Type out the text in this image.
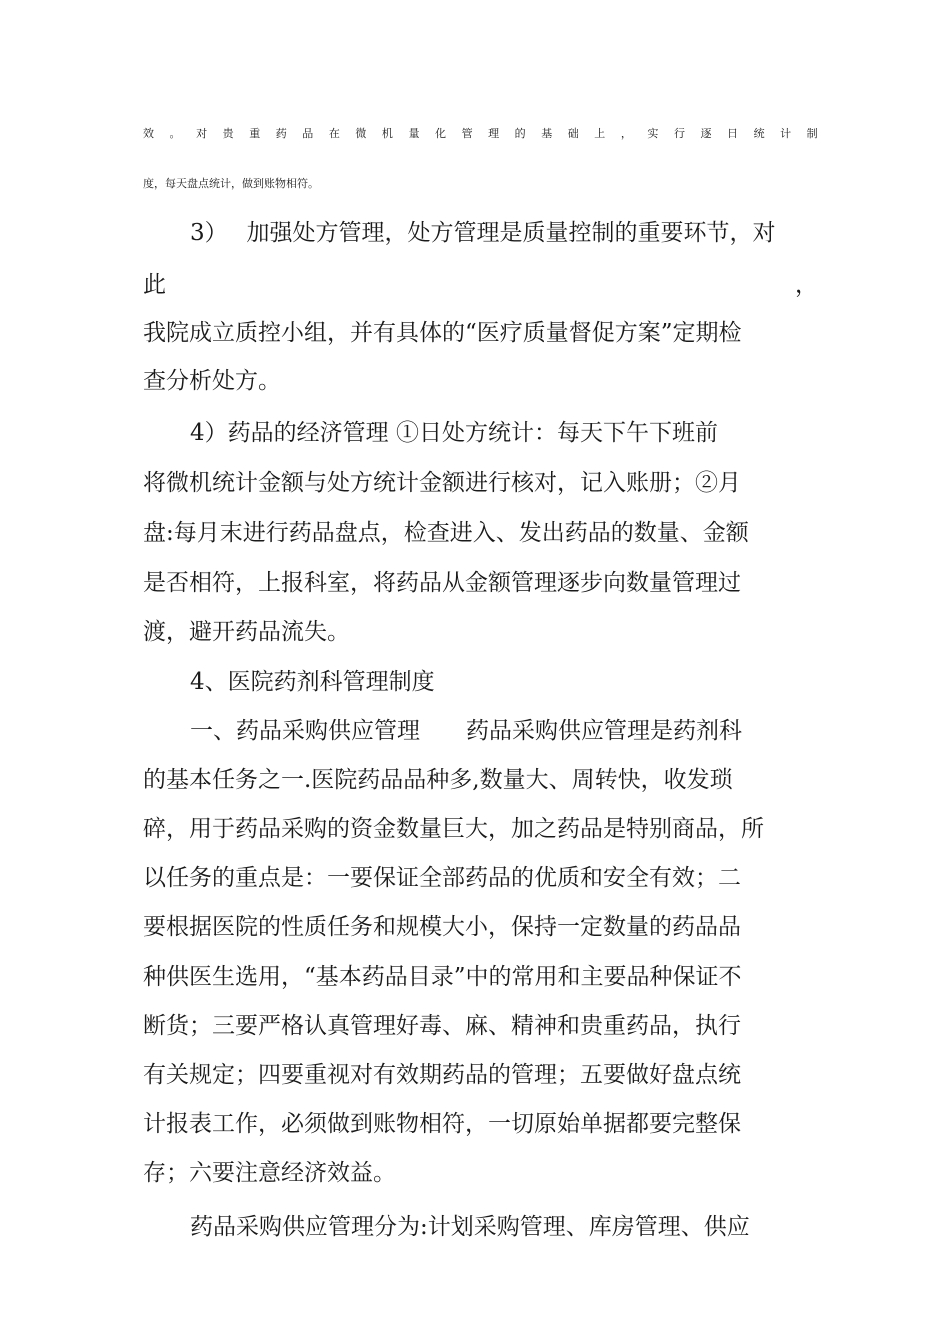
效 。 对 贵 重 药 品 在 微 机 量 化 管 理 的 基 础 上 ， 实 行 逐 日 统 计 制
度，每天盘点统计，做到账物相符。
3）　 加强处方管理，处方管理是质量控制的重要环节，对
此	，
我院成立质控小组，并有具体的“医疗质量督促方案”定期检
查分析处方。
4）药品的经济管理 ①日处方统计：每天下午下班前
将微机统计金额与处方统计金额进行核对，记入账册；②月
盘:每月末进行药品盘点，检查进入、发出药品的数量、金额
是否相符，上报科室，将药品从金额管理逐步向数量管理过
渡，避开药品流失。
4、医院药剂科管理制度
一、药品采购供应管理　　药品采购供应管理是药剂科
的基本任务之一.医院药品品种多,数量大、周转快，收发琐
碎，用于药品采购的资金数量巨大，加之药品是特别商品，所
以任务的重点是：一要保证全部药品的优质和安全有效；二
要根据医院的性质任务和规模大小，保持一定数量的药品品
种供医生选用，“基本药品目录”中的常用和主要品种保证不
断货；三要严格认真管理好毒、麻、精神和贵重药品，执行
有关规定；四要重视对有效期药品的管理；五要做好盘点统
计报表工作，必须做到账物相符，一切原始单据都要完整保
存；六要注意经济效益。
药品采购供应管理分为:计划采购管理、库房管理、供应
